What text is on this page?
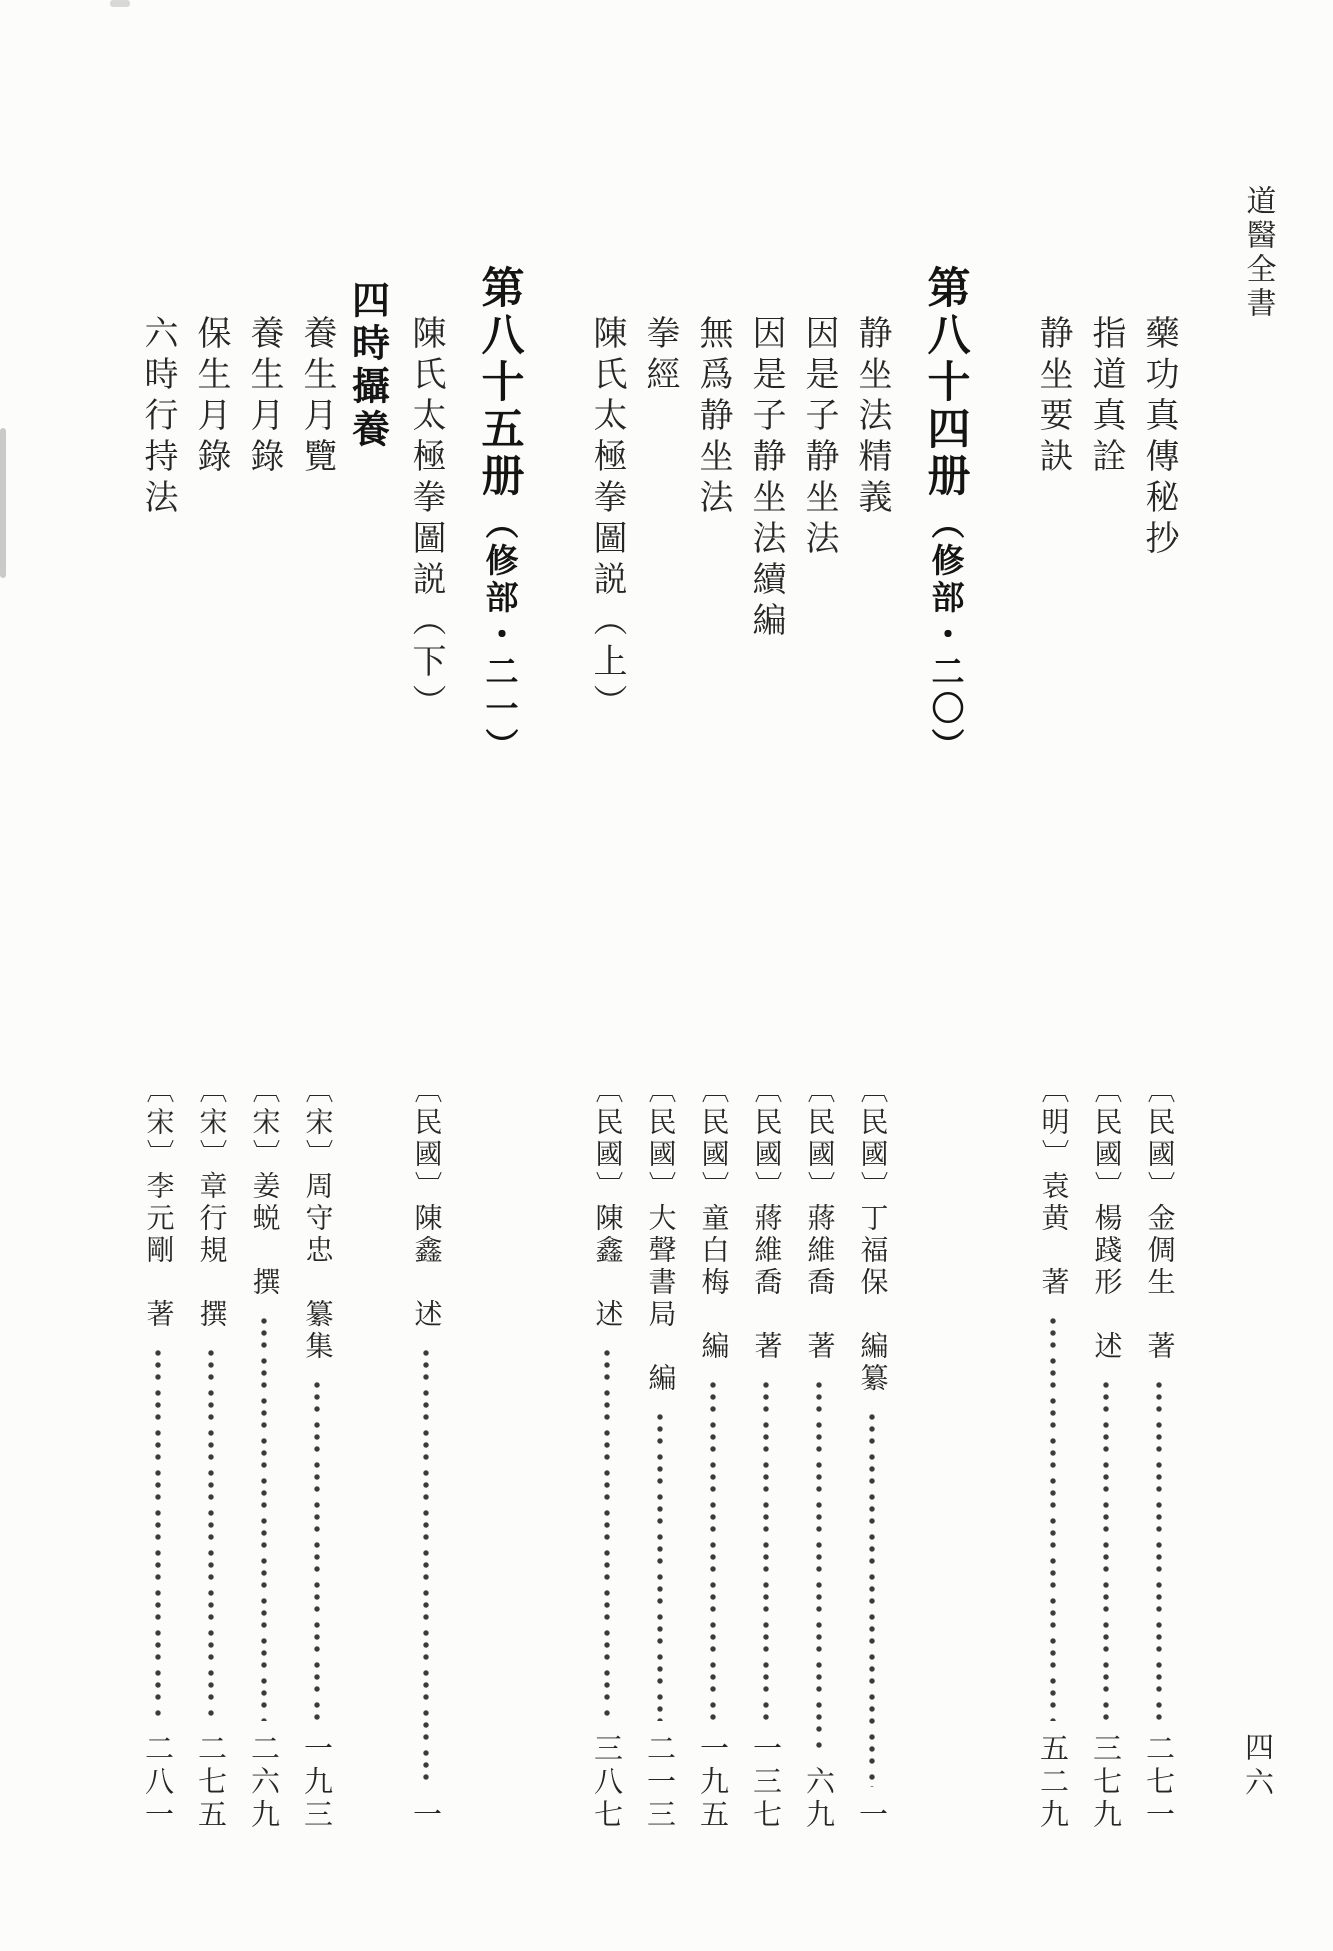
道醫全書
四六
藥功真傳秘抄
〔民國〕金倜生　著
二七一
指道真詮
〔民國〕楊踐形　述
三七九
静坐要訣
〔明〕袁黄　著
五二九
第八十四册
（修部・二〇）
静坐法精義
〔民國〕丁福保　編纂
一
因是子静坐法
〔民國〕蔣維喬　著
六九
因是子静坐法續編
〔民國〕蔣維喬　著
一三七
無爲静坐法
〔民國〕童白梅　編
一九五
拳經
〔民國〕大聲書局　編
二一三
陳氏太極拳圖説（上）
〔民國〕陳鑫　述
三八七
第八十五册
（修部・二一）
陳氏太極拳圖説（下）
〔民國〕陳鑫　述
一
四時攝養
養生月覽
〔宋〕周守忠　纂集
一九三
養生月錄
〔宋〕姜蜕　撰
二六九
保生月錄
〔宋〕章行規　撰
二七五
六時行持法
〔宋〕李元剛　著
二八一
